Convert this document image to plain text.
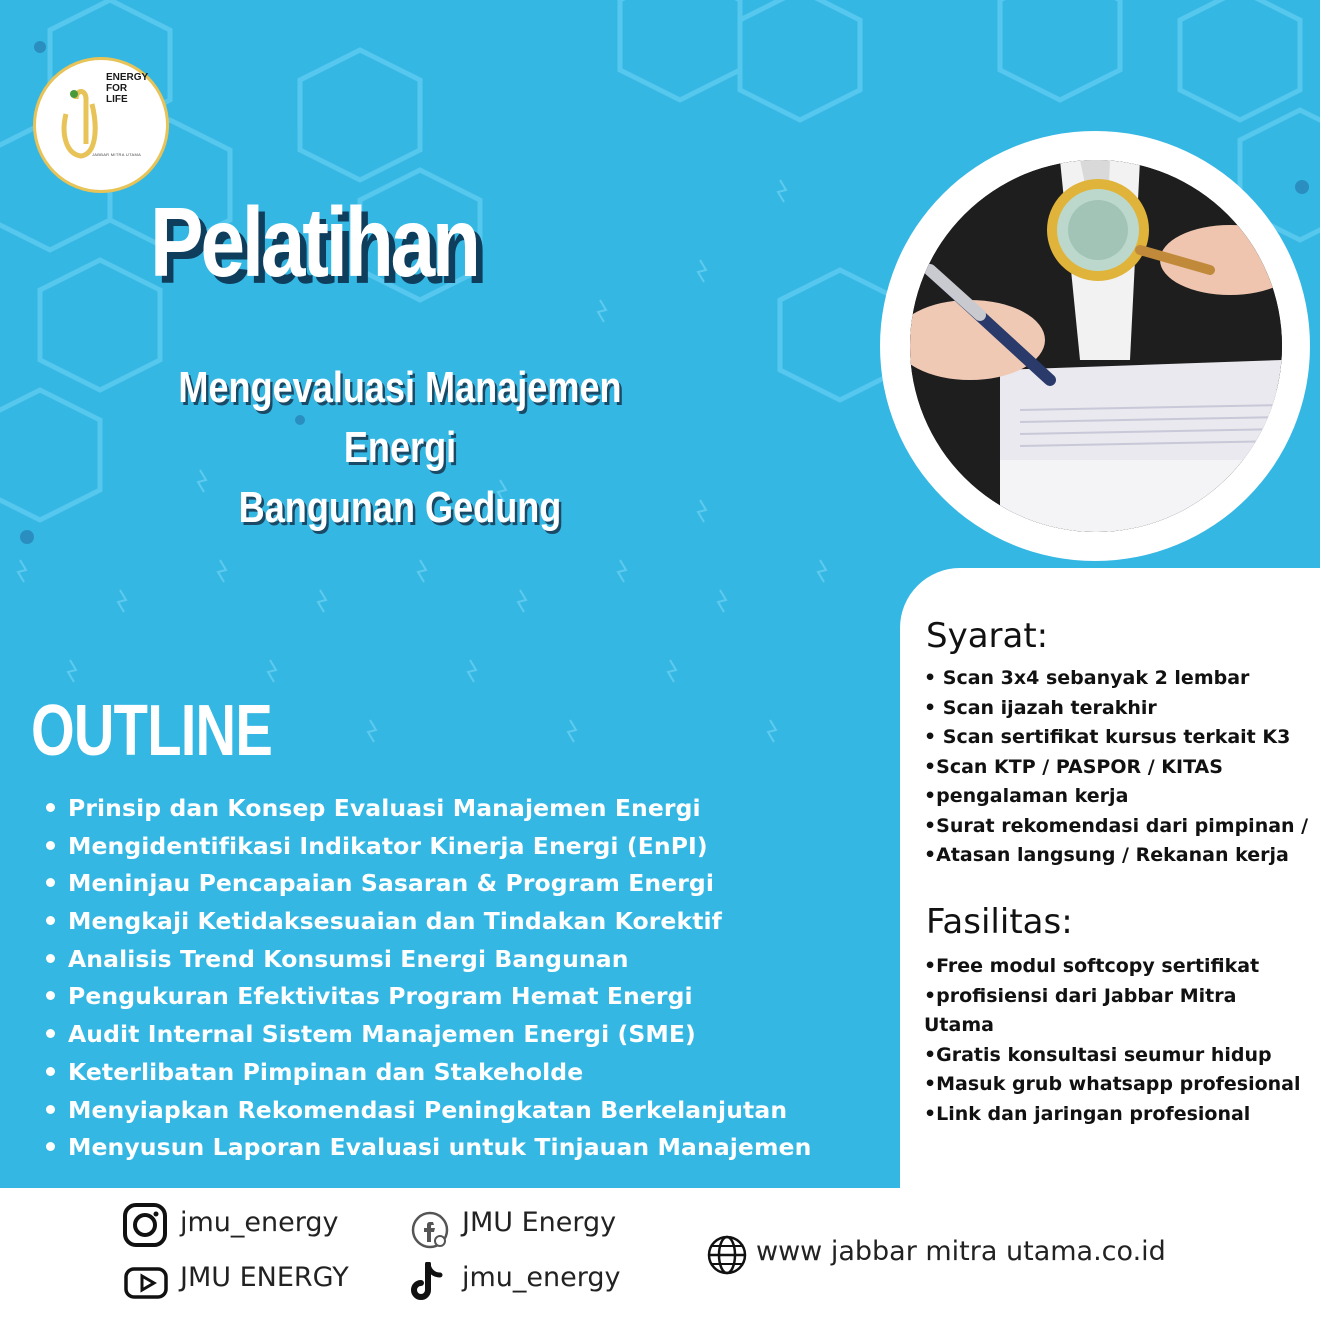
ENERGY
FOR
LIFE
JABBAR MITRA UTAMA
Pelatihan
Mengevaluasi Manajemen Energi
Bangunan Gedung
OUTLINE
Prinsip dan Konsep Evaluasi Manajemen Energi
Mengidentifikasi Indikator Kinerja Energi (EnPI)
Meninjau Pencapaian Sasaran & Program Energi
Mengkaji Ketidaksesuaian dan Tindakan Korektif
Analisis Trend Konsumsi Energi Bangunan
Pengukuran Efektivitas Program Hemat Energi
Audit Internal Sistem Manajemen Energi (SME)
Keterlibatan Pimpinan dan Stakeholde
Menyiapkan Rekomendasi Peningkatan Berkelanjutan
Menyusun Laporan Evaluasi untuk Tinjauan Manajemen
Syarat:
• Scan 3x4 sebanyak 2 lembar
• Scan ijazah terakhir
• Scan sertifikat kursus terkait K3
•Scan KTP / PASPOR / KITAS
•pengalaman kerja
•Surat rekomendasi dari pimpinan /
•Atasan langsung / Rekanan kerja
Fasilitas:
•Free modul softcopy sertifikat
•profisiensi dari Jabbar Mitra Utama
•Gratis konsultasi seumur hidup
•Masuk grub whatsapp profesional
•Link dan jaringan profesional
jmu_energy	JMU Energy
JMU ENERGY	jmu_energy
www jabbar mitra utama.co.id
